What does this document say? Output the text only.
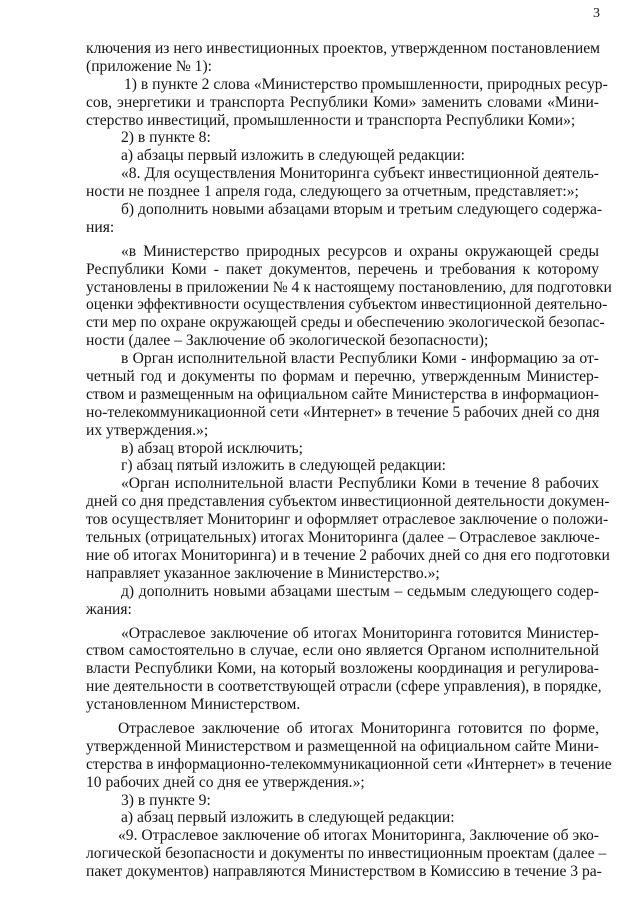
3
ключения из него инвестиционных проектов, утвержденном постановлением
(приложение № 1):
1) в пункте 2 слова «Министерство промышленности, природных ресур-
сов, энергетики и транспорта Республики Коми» заменить словами «Мини-
стерство инвестиций, промышленности и транспорта Республики Коми»;
2) в пункте 8:
а) абзацы первый изложить в следующей редакции:
«8. Для осуществления Мониторинга субъект инвестиционной деятель-
ности не позднее 1 апреля года, следующего за отчетным, представляет:»;
б) дополнить новыми абзацами вторым и третьим следующего содержа-
ния:
«в Министерство природных ресурсов и охраны окружающей среды
Республики Коми - пакет документов, перечень и требования к которому
установлены в приложении № 4 к настоящему постановлению, для подготовки
оценки эффективности осуществления субъектом инвестиционной деятельно-
сти мер по охране окружающей среды и обеспечению экологической безопас-
ности (далее – Заключение об экологической безопасности);
в Орган исполнительной власти Республики Коми - информацию за от-
четный год и документы по формам и перечню, утвержденным Министер-
ством и размещенным на официальном сайте Министерства в информацион-
но-телекоммуникационной сети «Интернет» в течение 5 рабочих дней со дня
их утверждения.»;
в) абзац второй исключить;
г) абзац пятый изложить в следующей редакции:
«Орган исполнительной власти Республики Коми в течение 8 рабочих
дней со дня представления субъектом инвестиционной деятельности докумен-
тов осуществляет Мониторинг и оформляет отраслевое заключение о положи-
тельных (отрицательных) итогах Мониторинга (далее – Отраслевое заключе-
ние об итогах Мониторинга) и в течение 2 рабочих дней со дня его подготовки
направляет указанное заключение в Министерство.»;
д) дополнить новыми абзацами шестым – седьмым следующего содер-
жания:
«Отраслевое заключение об итогах Мониторинга готовится Министер-
ством самостоятельно в случае, если оно является Органом исполнительной
власти Республики Коми, на который возложены координация и регулирова-
ние деятельности в соответствующей отрасли (сфере управления), в порядке,
установленном Министерством.
Отраслевое заключение об итогах Мониторинга готовится по форме,
утвержденной Министерством и размещенной на официальном сайте Мини-
стерства в информационно-телекоммуникационной сети «Интернет» в течение
10 рабочих дней со дня ее утверждения.»;
3) в пункте 9:
а) абзац первый изложить в следующей редакции:
«9. Отраслевое заключение об итогах Мониторинга, Заключение об эко-
логической безопасности и документы по инвестиционным проектам (далее –
пакет документов) направляются Министерством в Комиссию в течение 3 ра-
